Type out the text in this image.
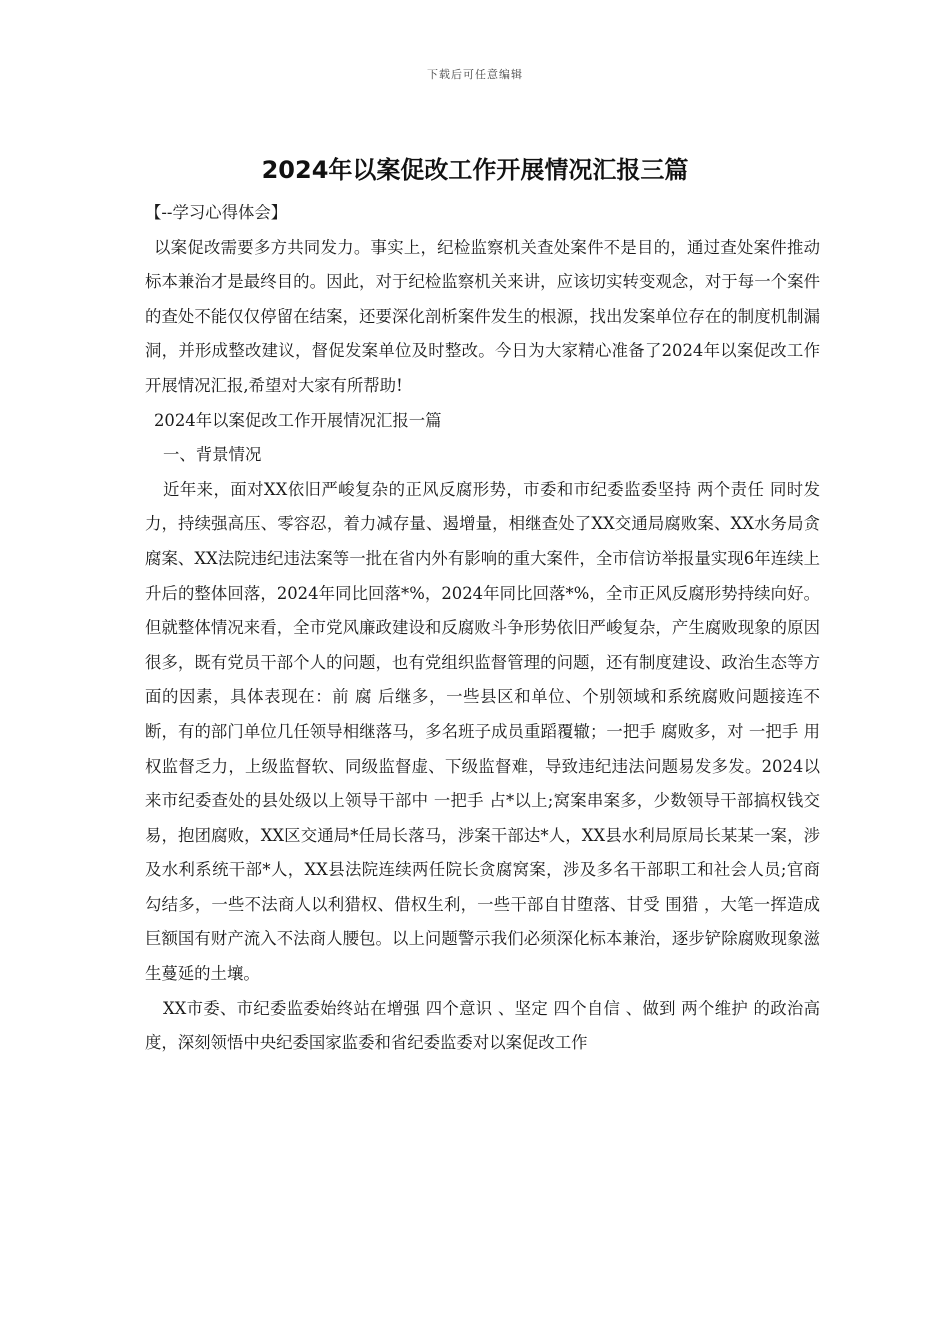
下载后可任意编辑
2024年以案促改工作开展情况汇报三篇

【--学习心得体会】

以案促改需要多方共同发力。事实上，纪检监察机关查处案件不是目的，通过查处案件推动标本兼治才是最终目的。因此，对于纪检监察机关来讲，应该切实转变观念，对于每一个案件的查处不能仅仅停留在结案，还要深化剖析案件发生的根源，找出发案单位存在的制度机制漏洞，并形成整改建议，督促发案单位及时整改。今日为大家精心准备了2024年以案促改工作开展情况汇报,希望对大家有所帮助!

2024年以案促改工作开展情况汇报一篇

一、背景情况

近年来，面对XX依旧严峻复杂的正风反腐形势，市委和市纪委监委坚持 两个责任 同时发力，持续强高压、零容忍，着力减存量、遏增量，相继查处了XX交通局腐败案、XX水务局贪腐案、XX法院违纪违法案等一批在省内外有影响的重大案件，全市信访举报量实现6年连续上升后的整体回落，2024年同比回落*%，2024年同比回落*%，全市正风反腐形势持续向好。但就整体情况来看，全市党风廉政建设和反腐败斗争形势依旧严峻复杂，产生腐败现象的原因很多，既有党员干部个人的问题，也有党组织监督管理的问题，还有制度建设、政治生态等方面的因素，具体表现在：前 腐 后继多，一些县区和单位、个别领域和系统腐败问题接连不断，有的部门单位几任领导相继落马，多名班子成员重蹈覆辙；一把手 腐败多，对 一把手 用权监督乏力，上级监督软、同级监督虚、下级监督难，导致违纪违法问题易发多发。2024以来市纪委查处的县处级以上领导干部中 一把手 占*以上;窝案串案多，少数领导干部搞权钱交易，抱团腐败，XX区交通局*任局长落马，涉案干部达*人，XX县水利局原局长某某一案，涉及水利系统干部*人，XX县法院连续两任院长贪腐窝案，涉及多名干部职工和社会人员;官商勾结多，一些不法商人以利猎权、借权生利，一些干部自甘堕落、甘受 围猎 ，大笔一挥造成巨额国有财产流入不法商人腰包。以上问题警示我们必须深化标本兼治，逐步铲除腐败现象滋生蔓延的土壤。

XX市委、市纪委监委始终站在增强 四个意识 、坚定 四个自信 、做到 两个维护 的政治高度，深刻领悟中央纪委国家监委和省纪委监委对以案促改工作
